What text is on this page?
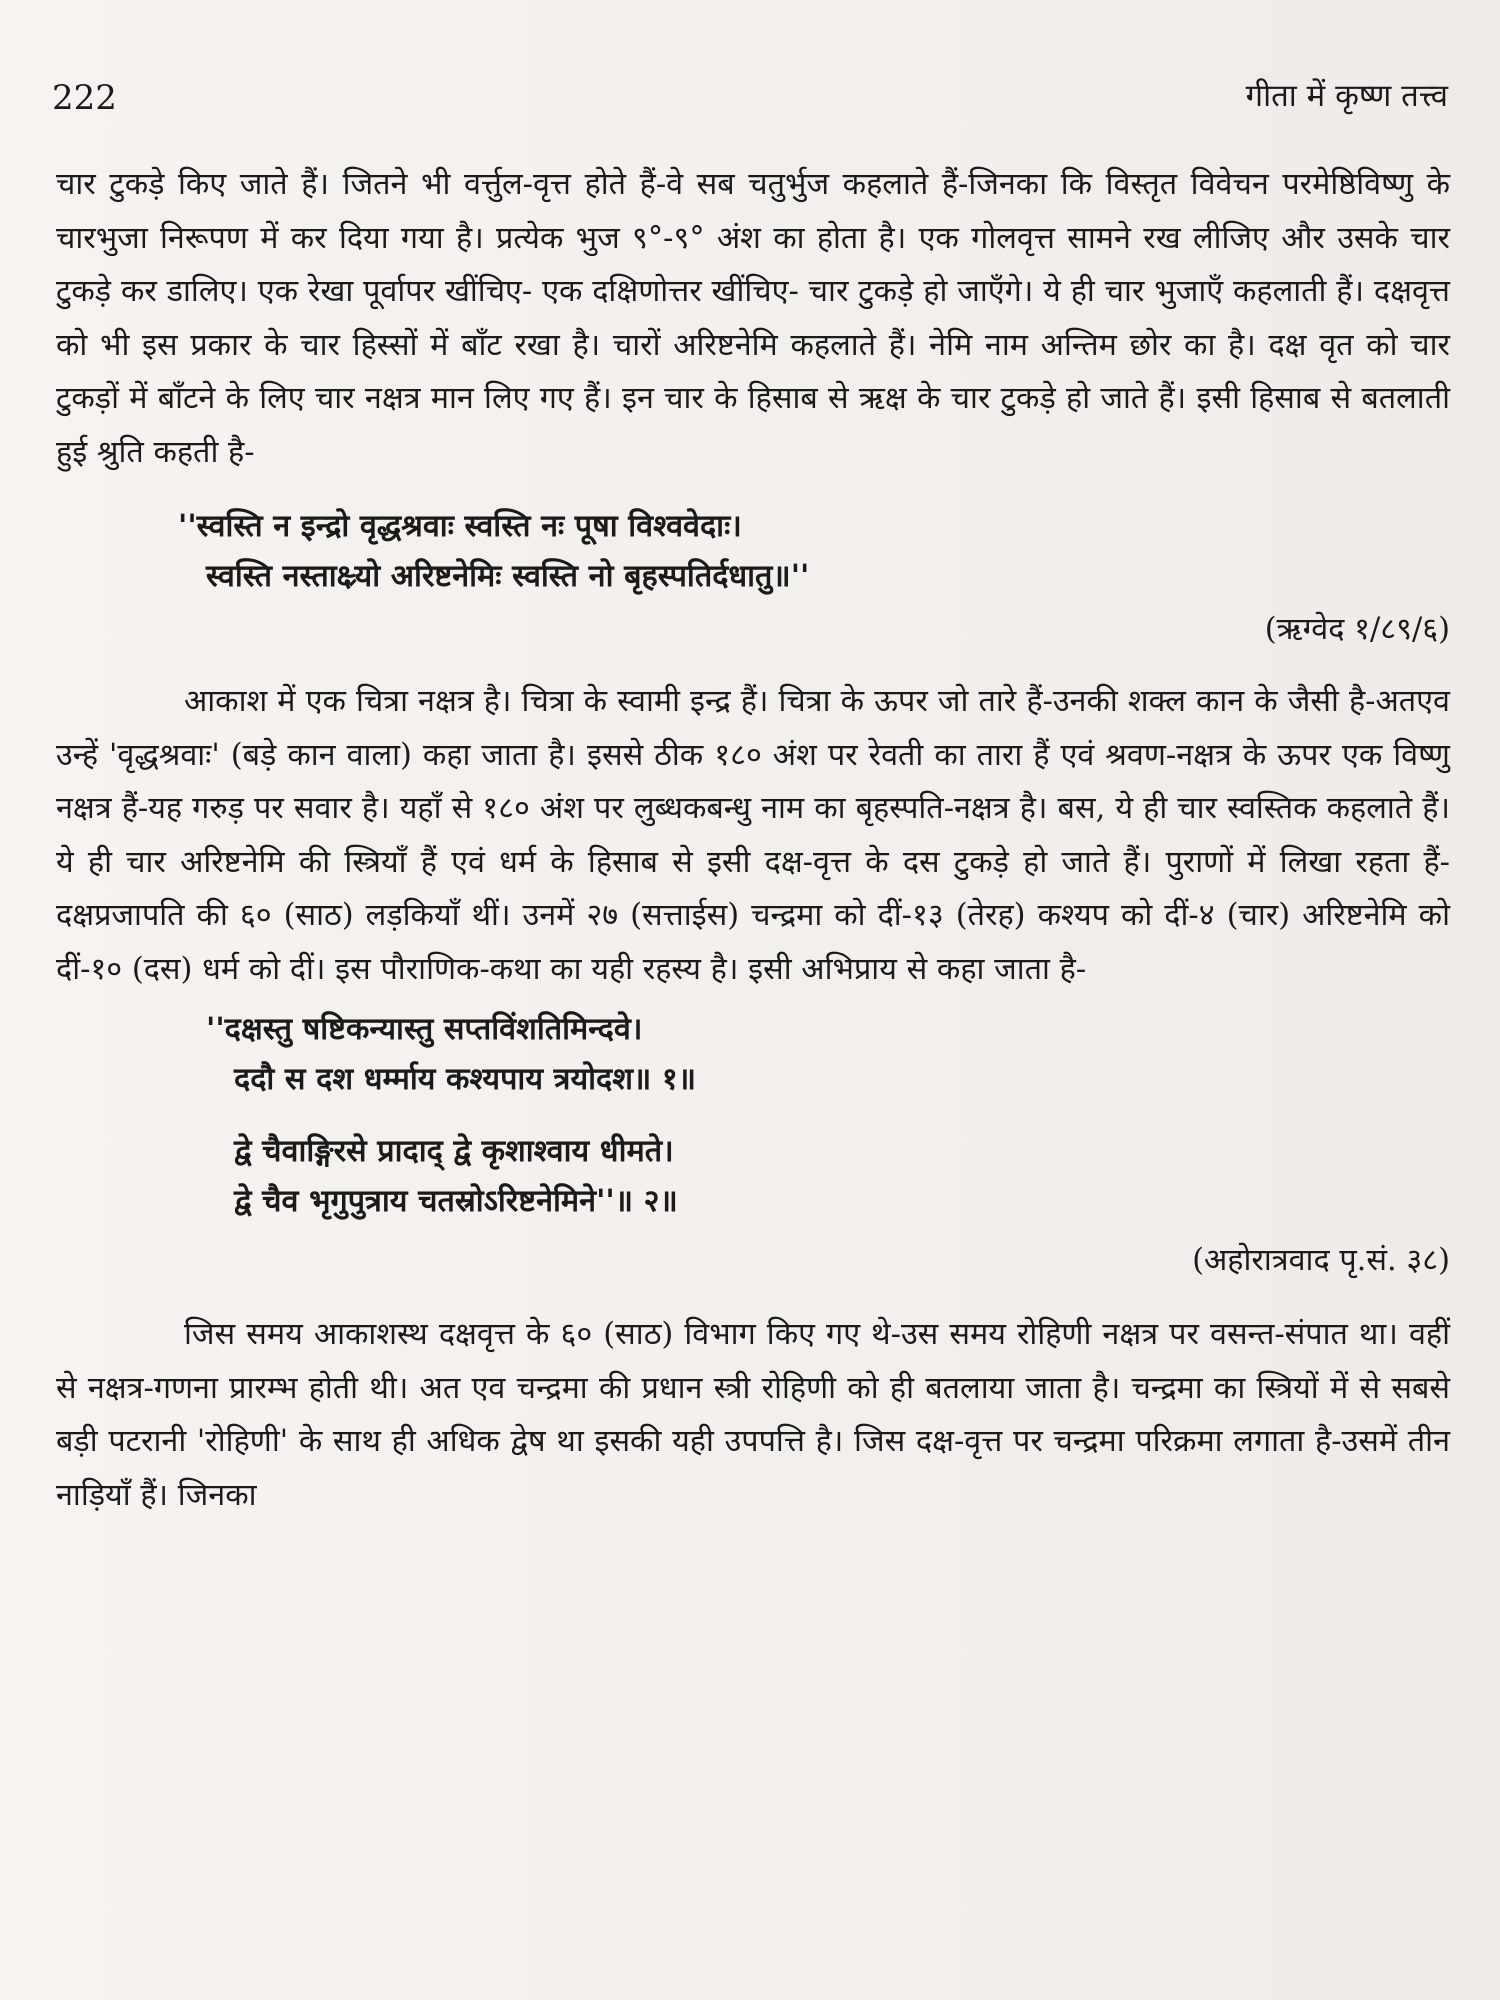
222	गीता में कृष्ण तत्त्व

चार टुकड़े किए जाते हैं। जितने भी वर्त्तुल-वृत्त होते हैं-वे सब चतुर्भुज कहलाते हैं-जिनका कि विस्तृत विवेचन परमेष्ठिविष्णु के चारभुजा निरूपण में कर दिया गया है। प्रत्येक भुज ९°-९° अंश का होता है। एक गोलवृत्त सामने रख लीजिए और उसके चार टुकड़े कर डालिए। एक रेखा पूर्वापर खींचिए- एक दक्षिणोत्तर खींचिए- चार टुकड़े हो जाएँगे। ये ही चार भुजाएँ कहलाती हैं। दक्षवृत्त को भी इस प्रकार के चार हिस्सों में बाँट रखा है। चारों अरिष्टनेमि कहलाते हैं। नेमि नाम अन्तिम छोर का है। दक्ष वृत को चार टुकड़ों में बाँटने के लिए चार नक्षत्र मान लिए गए हैं। इन चार के हिसाब से ऋक्ष के चार टुकड़े हो जाते हैं। इसी हिसाब से बतलाती हुई श्रुति कहती है-

''स्वस्ति न इन्द्रो वृद्धश्रवाः स्वस्ति नः पूषा विश्ववेदाः।
स्वस्ति नस्ताक्ष्र्यो अरिष्टनेमिः स्वस्ति नो बृहस्पतिर्दधातु॥''

(ऋग्वेद १/८९/६)

आकाश में एक चित्रा नक्षत्र है। चित्रा के स्वामी इन्द्र हैं। चित्रा के ऊपर जो तारे हैं-उनकी शक्ल कान के जैसी है-अतएव उन्हें 'वृद्धश्रवाः' (बड़े कान वाला) कहा जाता है। इससे ठीक १८० अंश पर रेवती का तारा हैं एवं श्रवण-नक्षत्र के ऊपर एक विष्णु नक्षत्र हैं-यह गरुड़ पर सवार है। यहाँ से १८० अंश पर लुब्धकबन्धु नाम का बृहस्पति-नक्षत्र है। बस, ये ही चार स्वस्तिक कहलाते हैं। ये ही चार अरिष्टनेमि की स्त्रियाँ हैं एवं धर्म के हिसाब से इसी दक्ष-वृत्त के दस टुकड़े हो जाते हैं। पुराणों में लिखा रहता हैं-दक्षप्रजापति की ६० (साठ) लड़कियाँ थीं। उनमें २७ (सत्ताईस) चन्द्रमा को दीं-१३ (तेरह) कश्यप को दीं-४ (चार) अरिष्टनेमि को दीं-१० (दस) धर्म को दीं। इस पौराणिक-कथा का यही रहस्य है। इसी अभिप्राय से कहा जाता है-

''दक्षस्तु षष्टिकन्यास्तु सप्तविंशतिमिन्दवे।
ददौ स दश धर्म्माय कश्यपाय त्रयोदश॥ १॥
द्वे चैवाङ्गिरसे प्रादाद्‌ द्वे कृशाश्वाय धीमते।
द्वे चैव भृगुपुत्राय चतस्रोऽरिष्टनेमिने''॥ २॥

(अहोरात्रवाद पृ.सं. ३८)

जिस समय आकाशस्थ दक्षवृत्त के ६० (साठ) विभाग किए गए थे-उस समय रोहिणी नक्षत्र पर वसन्त-संपात था। वहीं से नक्षत्र-गणना प्रारम्भ होती थी। अत एव चन्द्रमा की प्रधान स्त्री रोहिणी को ही बतलाया जाता है। चन्द्रमा का स्त्रियों में से सबसे बड़ी पटरानी 'रोहिणी' के साथ ही अधिक द्वेष था इसकी यही उपपत्ति है। जिस दक्ष-वृत्त पर चन्द्रमा परिक्रमा लगाता है-उसमें तीन नाड़ियाँ हैं। जिनका
